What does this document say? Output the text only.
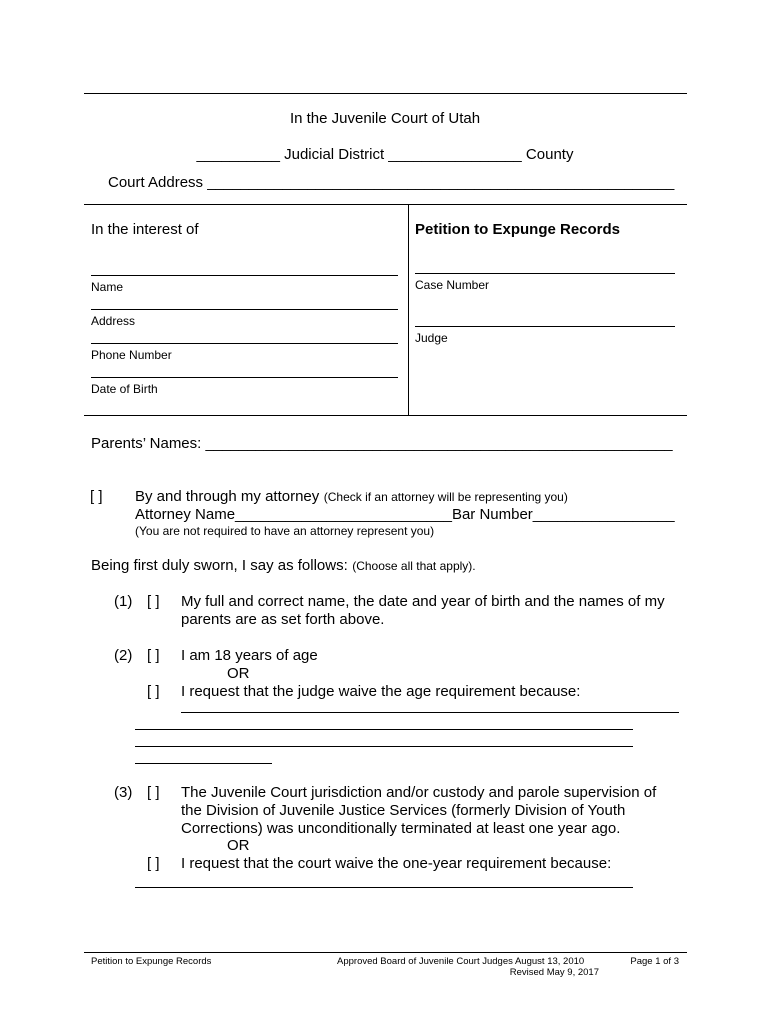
In the Juvenile Court of Utah
__________ Judicial District ________________ County
Court Address ________________________________________________________
In the interest of
Name
Address
Phone Number
Date of Birth
Petition to Expunge Records
Case Number
Judge
Parents’ Names: ________________________________________________________
[ ] By and through my attorney (Check if an attorney will be representing you)
Attorney Name__________________________Bar Number_________________
(You are not required to have an attorney represent you)
Being first duly sworn, I say as follows: (Choose all that apply).
(1) [ ] My full and correct name, the date and year of birth and the names of my
parents are as set forth above.
(2) [ ] I am 18 years of age
OR
[ ] I request that the judge waive the age requirement because:
(3) [ ] The Juvenile Court jurisdiction and/or custody and parole supervision of
the Division of Juvenile Justice Services (formerly Division of Youth
Corrections) was unconditionally terminated at least one year ago.
OR
[ ] I request that the court waive the one-year requirement because:
Petition to Expunge Records	Approved Board of Juvenile Court Judges August 13, 2010
Revised May 9, 2017
Page 1 of 3
